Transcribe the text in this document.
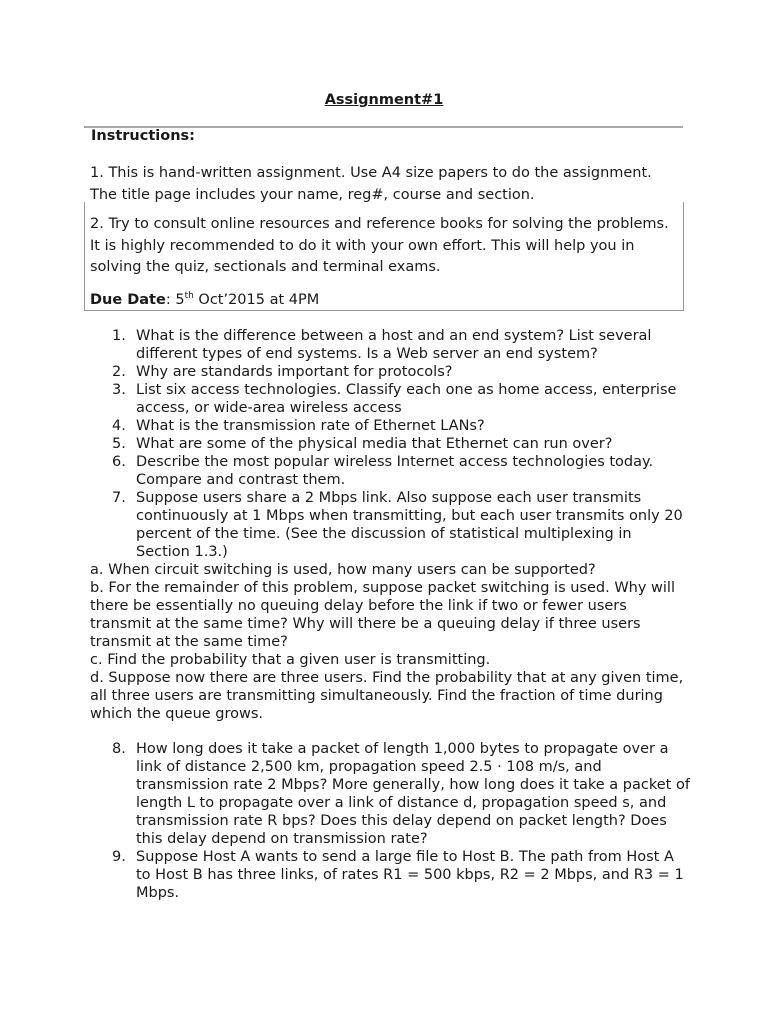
Assignment#1
Instructions:
1. This is hand-written assignment. Use A4 size papers to do the assignment. The title page includes your name, reg#, course and section.
2. Try to consult online resources and reference books for solving the problems. It is highly recommended to do it with your own effort. This will help you in solving the quiz, sectionals and terminal exams.
Due Date: 5th Oct’2015 at 4PM
1. What is the difference between a host and an end system? List several different types of end systems. Is a Web server an end system?
2. Why are standards important for protocols?
3. List six access technologies. Classify each one as home access, enterprise access, or wide-area wireless access
4. What is the transmission rate of Ethernet LANs?
5. What are some of the physical media that Ethernet can run over?
6. Describe the most popular wireless Internet access technologies today. Compare and contrast them.
7. Suppose users share a 2 Mbps link. Also suppose each user transmits continuously at 1 Mbps when transmitting, but each user transmits only 20 percent of the time. (See the discussion of statistical multiplexing in Section 1.3.)
a. When circuit switching is used, how many users can be supported?
b. For the remainder of this problem, suppose packet switching is used. Why will there be essentially no queuing delay before the link if two or fewer users transmit at the same time? Why will there be a queuing delay if three users transmit at the same time?
c. Find the probability that a given user is transmitting.
d. Suppose now there are three users. Find the probability that at any given time, all three users are transmitting simultaneously. Find the fraction of time during which the queue grows.
8. How long does it take a packet of length 1,000 bytes to propagate over a link of distance 2,500 km, propagation speed 2.5 · 108 m/s, and transmission rate 2 Mbps? More generally, how long does it take a packet of length L to propagate over a link of distance d, propagation speed s, and transmission rate R bps? Does this delay depend on packet length? Does this delay depend on transmission rate?
9. Suppose Host A wants to send a large file to Host B. The path from Host A to Host B has three links, of rates R1 = 500 kbps, R2 = 2 Mbps, and R3 = 1 Mbps.
